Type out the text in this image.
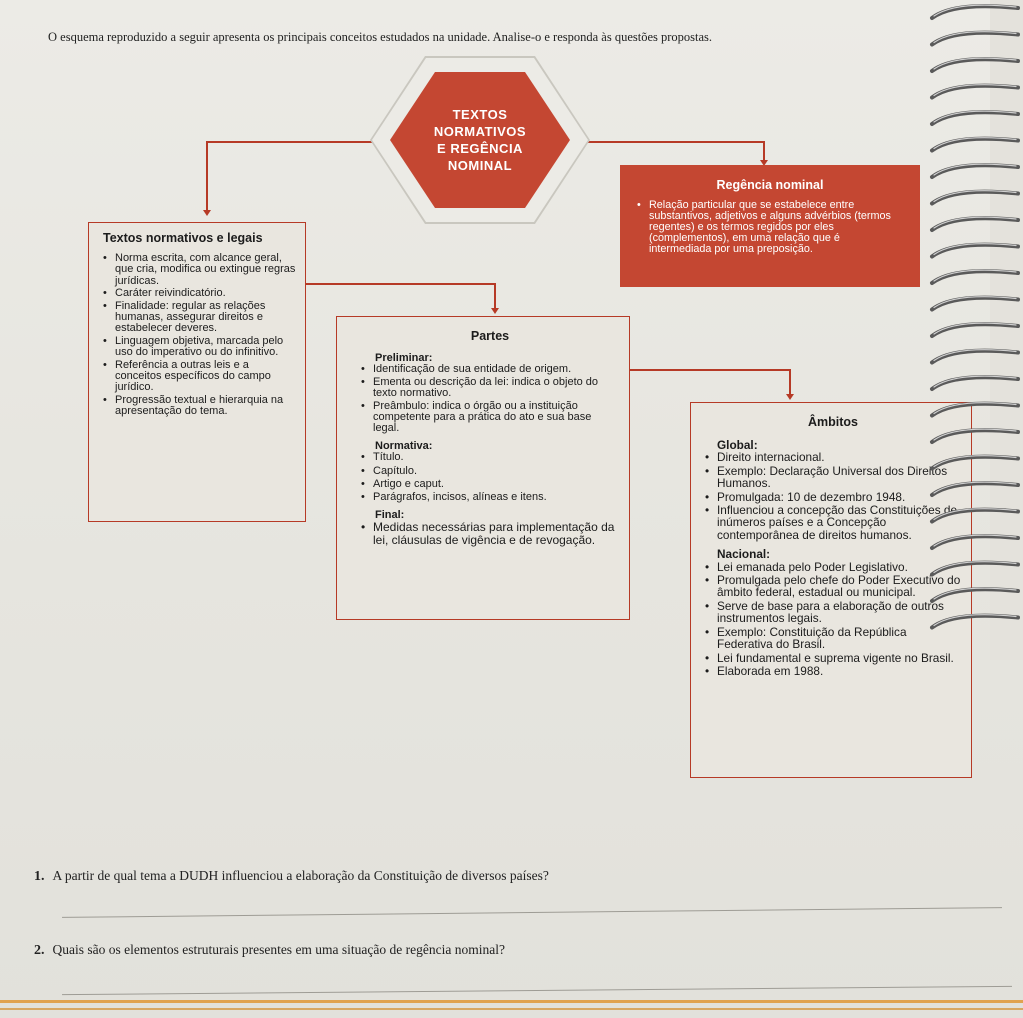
O esquema reproduzido a seguir apresenta os principais conceitos estudados na unidade. Analise-o e responda às questões propostas.
TEXTOS
NORMATIVOS
E REGÊNCIA
NOMINAL
Textos normativos e legais
• Norma escrita, com alcance geral, que cria, modifica ou extingue regras jurídicas.
• Caráter reivindicatório.
• Finalidade: regular as relações humanas, assegurar direitos e estabelecer deveres.
• Linguagem objetiva, marcada pelo uso do imperativo ou do infinitivo.
• Referência a outras leis e a conceitos específicos do campo jurídico.
• Progressão textual e hierarquia na apresentação do tema.
Regência nominal
• Relação particular que se estabelece entre substantivos, adjetivos e alguns advérbios (termos regentes) e os termos regidos por eles (complementos), em uma relação que é intermediada por uma preposição.
Partes
Preliminar:
• Identificação de sua entidade de origem.
• Ementa ou descrição da lei: indica o objeto do texto normativo.
• Preâmbulo: indica o órgão ou a instituição competente para a prática do ato e sua base legal.
Normativa:
• Título.
• Capítulo.
• Artigo e caput.
• Parágrafos, incisos, alíneas e itens.
Final:
• Medidas necessárias para implementação da lei, cláusulas de vigência e de revogação.
Âmbitos
Global:
• Direito internacional.
• Exemplo: Declaração Universal dos Direitos Humanos.
• Promulgada: 10 de dezembro 1948.
• Influenciou a concepção das Constituições de inúmeros países e a Concepção contemporânea de direitos humanos.
Nacional:
• Lei emanada pelo Poder Legislativo.
• Promulgada pelo chefe do Poder Executivo do âmbito federal, estadual ou municipal.
• Serve de base para a elaboração de outros instrumentos legais.
• Exemplo: Constituição da República Federativa do Brasil.
• Lei fundamental e suprema vigente no Brasil.
• Elaborada em 1988.
1. A partir de qual tema a DUDH influenciou a elaboração da Constituição de diversos países?
2. Quais são os elementos estruturais presentes em uma situação de regência nominal?
